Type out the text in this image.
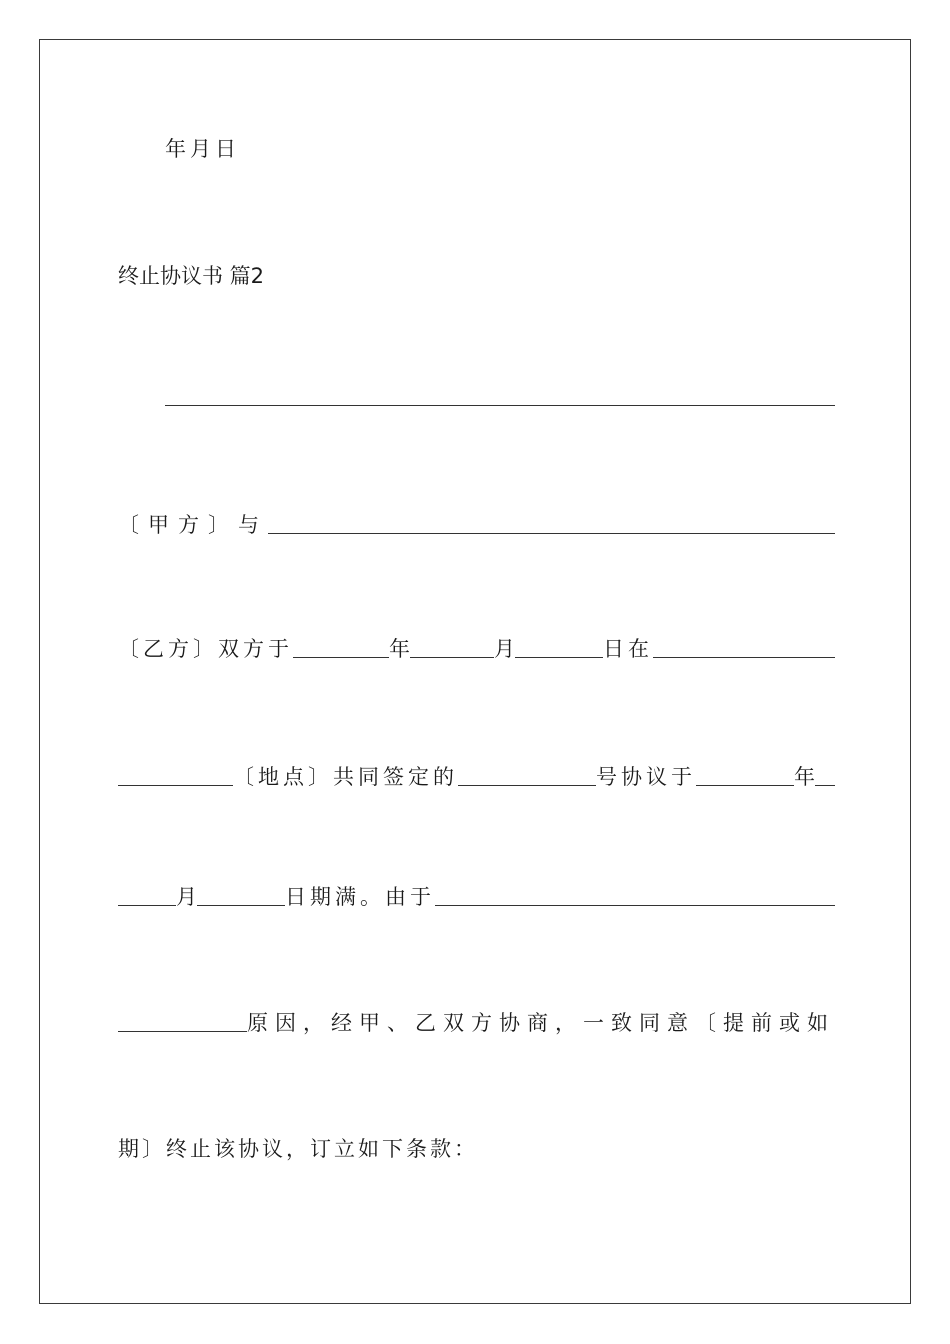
年月日
终止协议书 篇2
〔甲方〕与
〔乙方〕双方于	年	月	日在
〔地点〕共同签定的	号协议于	年
月	日期满。由于
原因，经甲、乙双方协商，一致同意〔提前或如
期〕终止该协议，订立如下条款：
